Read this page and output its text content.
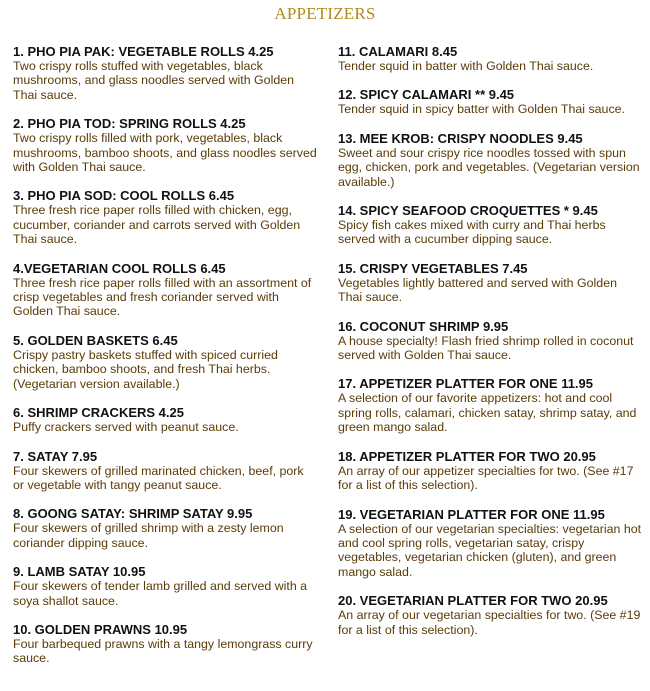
APPETIZERS
1. PHO PIA PAK: VEGETABLE ROLLS 4.25

Two crispy rolls stuffed with vegetables, black mushrooms, and glass noodles served with Golden Thai sauce.

2. PHO PIA TOD: SPRING ROLLS 4.25

Two crispy rolls filled with pork, vegetables, black mushrooms, bamboo shoots, and glass noodles served with Golden Thai sauce.

3. PHO PIA SOD: COOL ROLLS 6.45

Three fresh rice paper rolls filled with chicken, egg, cucumber, coriander and carrots served with Golden Thai sauce.

4.VEGETARIAN COOL ROLLS 6.45

Three fresh rice paper rolls filled with an assortment of crisp vegetables and fresh coriander served with Golden Thai sauce.

5. GOLDEN BASKETS 6.45

Crispy pastry baskets stuffed with spiced curried chicken, bamboo shoots, and fresh Thai herbs. (Vegetarian version available.)

6. SHRIMP CRACKERS 4.25

Puffy crackers served with peanut sauce.

7. SATAY 7.95

Four skewers of grilled marinated chicken, beef, pork or vegetable with tangy peanut sauce.

8. GOONG SATAY: SHRIMP SATAY 9.95

Four skewers of grilled shrimp with a zesty lemon coriander dipping sauce.

9. LAMB SATAY 10.95

Four skewers of tender lamb grilled and served with a soya shallot sauce.

10. GOLDEN PRAWNS 10.95

Four barbequed prawns with a tangy lemongrass curry sauce.

11. CALAMARI 8.45

Tender squid in batter with Golden Thai sauce.

12. SPICY CALAMARI ** 9.45

Tender squid in spicy batter with Golden Thai sauce.

13. MEE KROB: CRISPY NOODLES 9.45

Sweet and sour crispy rice noodles tossed with spun egg, chicken, pork and vegetables. (Vegetarian version available.)

14. SPICY SEAFOOD CROQUETTES * 9.45

Spicy fish cakes mixed with curry and Thai herbs served with a cucumber dipping sauce.

15. CRISPY VEGETABLES 7.45

Vegetables lightly battered and served with Golden Thai sauce.

16. COCONUT SHRIMP 9.95

A house specialty! Flash fried shrimp rolled in coconut served with Golden Thai sauce.

17. APPETIZER PLATTER FOR ONE 11.95

A selection of our favorite appetizers: hot and cool spring rolls, calamari, chicken satay, shrimp satay, and green mango salad.

18. APPETIZER PLATTER FOR TWO 20.95

An array of our appetizer specialties for two. (See #17 for a list of this selection).

19. VEGETARIAN PLATTER FOR ONE 11.95

A selection of our vegetarian specialties: vegetarian hot and cool spring rolls, vegetarian satay, crispy vegetables, vegetarian chicken (gluten), and green mango salad.

20. VEGETARIAN PLATTER FOR TWO 20.95

An array of our vegetarian specialties for two. (See #19 for a list of this selection).
